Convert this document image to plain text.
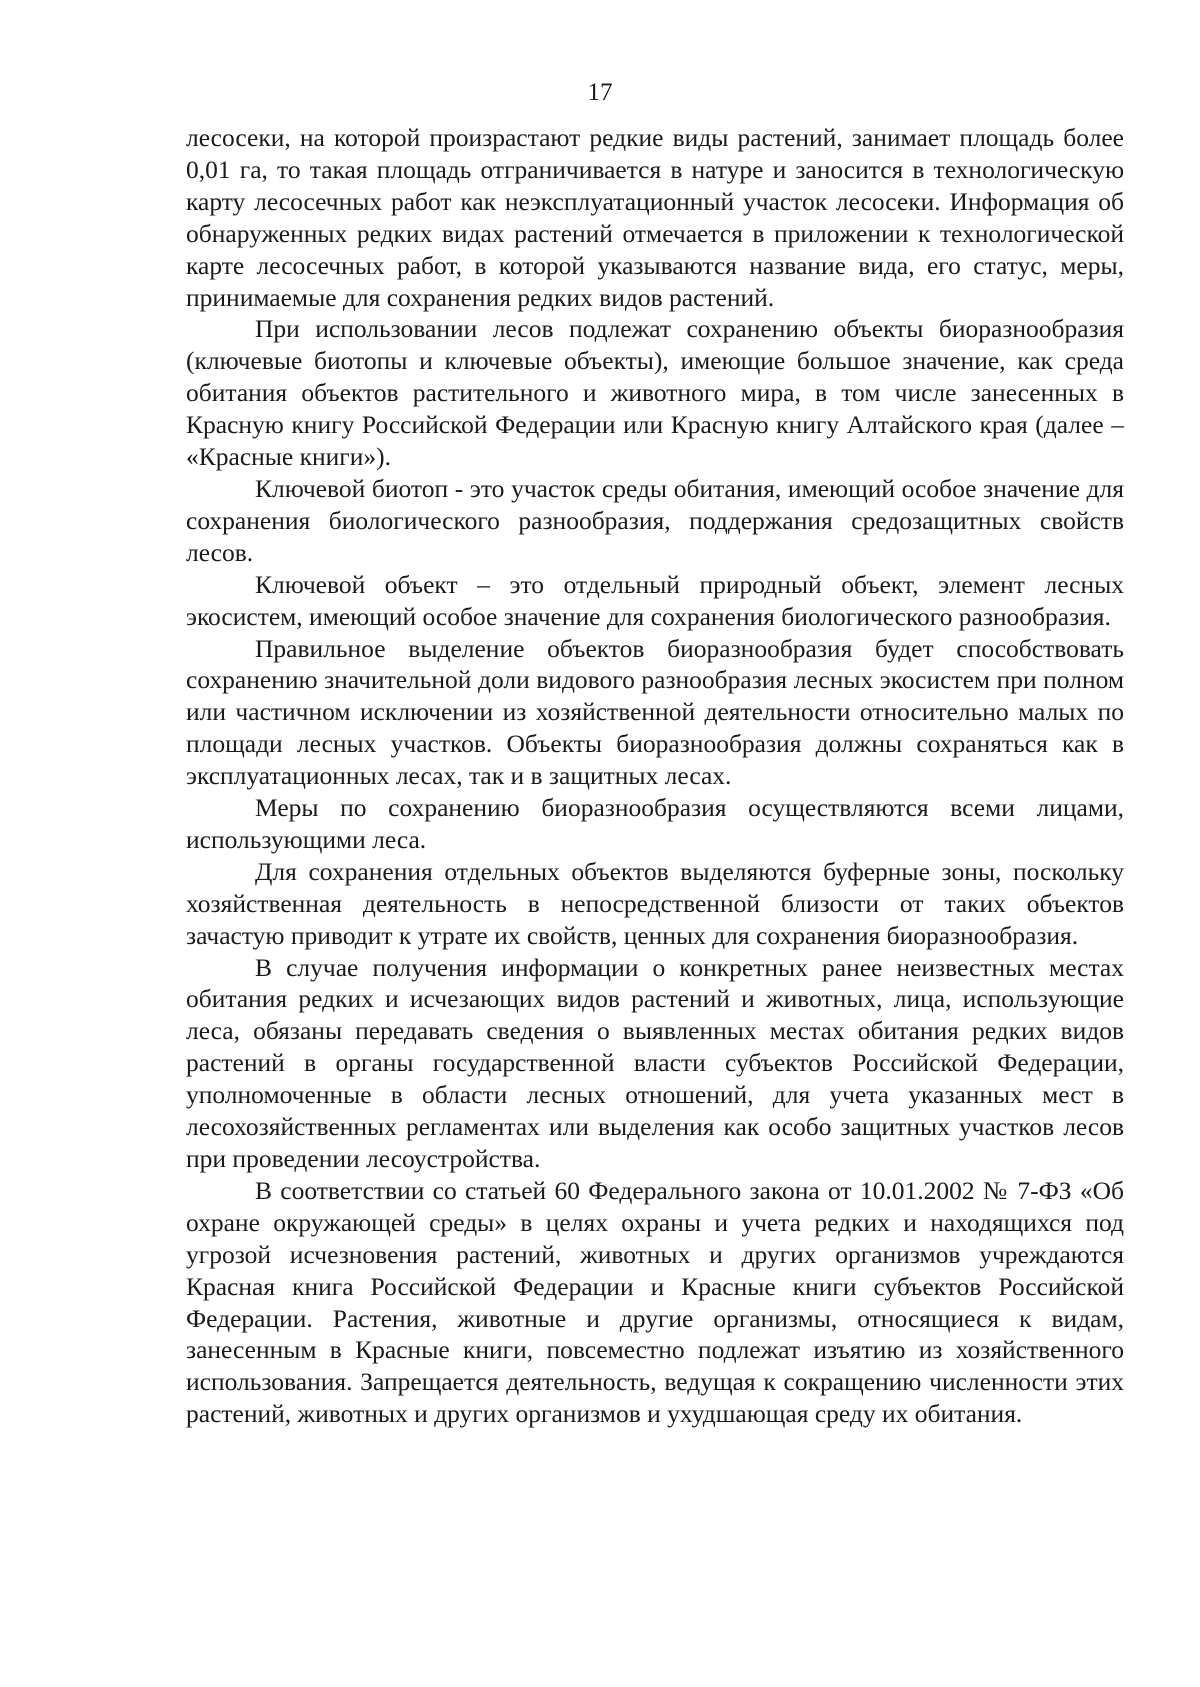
17

лесосеки, на которой произрастают редкие виды растений, занимает площадь более 0,01 га, то такая площадь отграничивается в натуре и заносится в технологическую карту лесосечных работ как неэксплуатационный участок лесосеки. Информация об обнаруженных редких видах растений отмечается в приложении к технологической карте лесосечных работ, в которой указываются название вида, его статус, меры, принимаемые для сохранения редких видов растений.

При использовании лесов подлежат сохранению объекты биоразнообразия (ключевые биотопы и ключевые объекты), имеющие большое значение, как среда обитания объектов растительного и животного мира, в том числе занесенных в Красную книгу Российской Федерации или Красную книгу Алтайского края (далее – «Красные книги»).

Ключевой биотоп - это участок среды обитания, имеющий особое значение для сохранения биологического разнообразия, поддержания средозащитных свойств лесов.

Ключевой объект – это отдельный природный объект, элемент лесных экосистем, имеющий особое значение для сохранения биологического разнообразия.

Правильное выделение объектов биоразнообразия будет способствовать сохранению значительной доли видового разнообразия лесных экосистем при полном или частичном исключении из хозяйственной деятельности относительно малых по площади лесных участков. Объекты биоразнообразия должны сохраняться как в эксплуатационных лесах, так и в защитных лесах.

Меры по сохранению биоразнообразия осуществляются всеми лицами, использующими леса.

Для сохранения отдельных объектов выделяются буферные зоны, поскольку хозяйственная деятельность в непосредственной близости от таких объектов зачастую приводит к утрате их свойств, ценных для сохранения биоразнообразия.

В случае получения информации о конкретных ранее неизвестных местах обитания редких и исчезающих видов растений и животных, лица, использующие леса, обязаны передавать сведения о выявленных местах обитания редких видов растений в органы государственной власти субъектов Российской Федерации, уполномоченные в области лесных отношений, для учета указанных мест в лесохозяйственных регламентах или выделения как особо защитных участков лесов при проведении лесоустройства.

В соответствии со статьей 60 Федерального закона от 10.01.2002 № 7-ФЗ «Об охране окружающей среды» в целях охраны и учета редких и находящихся под угрозой исчезновения растений, животных и других организмов учреждаются Красная книга Российской Федерации и Красные книги субъектов Российской Федерации. Растения, животные и другие организмы, относящиеся к видам, занесенным в Красные книги, повсеместно подлежат изъятию из хозяйственного использования. Запрещается деятельность, ведущая к сокращению численности этих растений, животных и других организмов и ухудшающая среду их обитания.
